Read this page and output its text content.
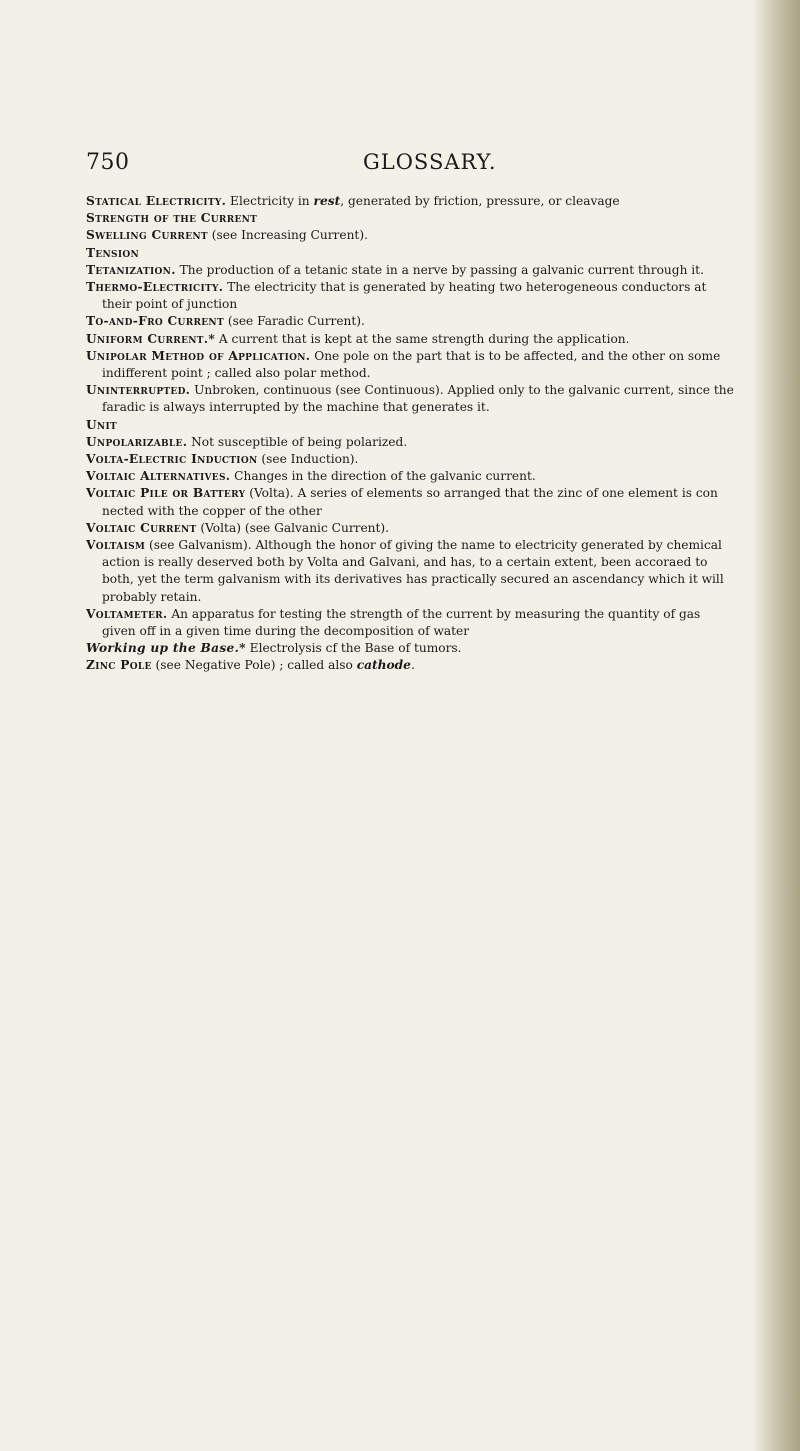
750	GLOSSARY.

Statical Electricity. Electricity in rest, generated by friction, pressure, or cleavage

Strength of the Current

Swelling Current (see Increasing Current).

Tension

Tetanization. The production of a tetanic state in a nerve by passing a galvanic current through it.

Thermo-Electricity. The electricity that is generated by heating two heterogeneous conductors at their point of junction

To-and-Fro Current (see Faradic Current).

Uniform Current.* A current that is kept at the same strength during the application.

Unipolar Method of Application. One pole on the part that is to be affected, and the other on some indifferent point ; called also polar method.

Uninterrupted. Unbroken, continuous (see Continuous). Applied only to the galvanic current, since the faradic is always interrupted by the machine that generates it.

Unit

Unpolarizable. Not susceptible of being polarized.

Volta-Electric Induction (see Induction).

Voltaic Alternatives. Changes in the direction of the galvanic current.

Voltaic Pile or Battery (Volta). A series of elements so arranged that the zinc of one element is con nected with the copper of the other

Voltaic Current (Volta) (see Galvanic Current).

Voltaism (see Galvanism). Although the honor of giving the name to electricity generated by chemical action is really deserved both by Volta and Galvani, and has, to a certain extent, been accoraed to both, yet the term galvanism with its derivatives has practically secured an ascendancy which it will probably retain.

Voltameter. An apparatus for testing the strength of the current by measuring the quantity of gas given off in a given time during the decomposition of water

Working up the Base.* Electrolysis cf the Base of tumors.

Zinc Pole (see Negative Pole) ; called also cathode.
